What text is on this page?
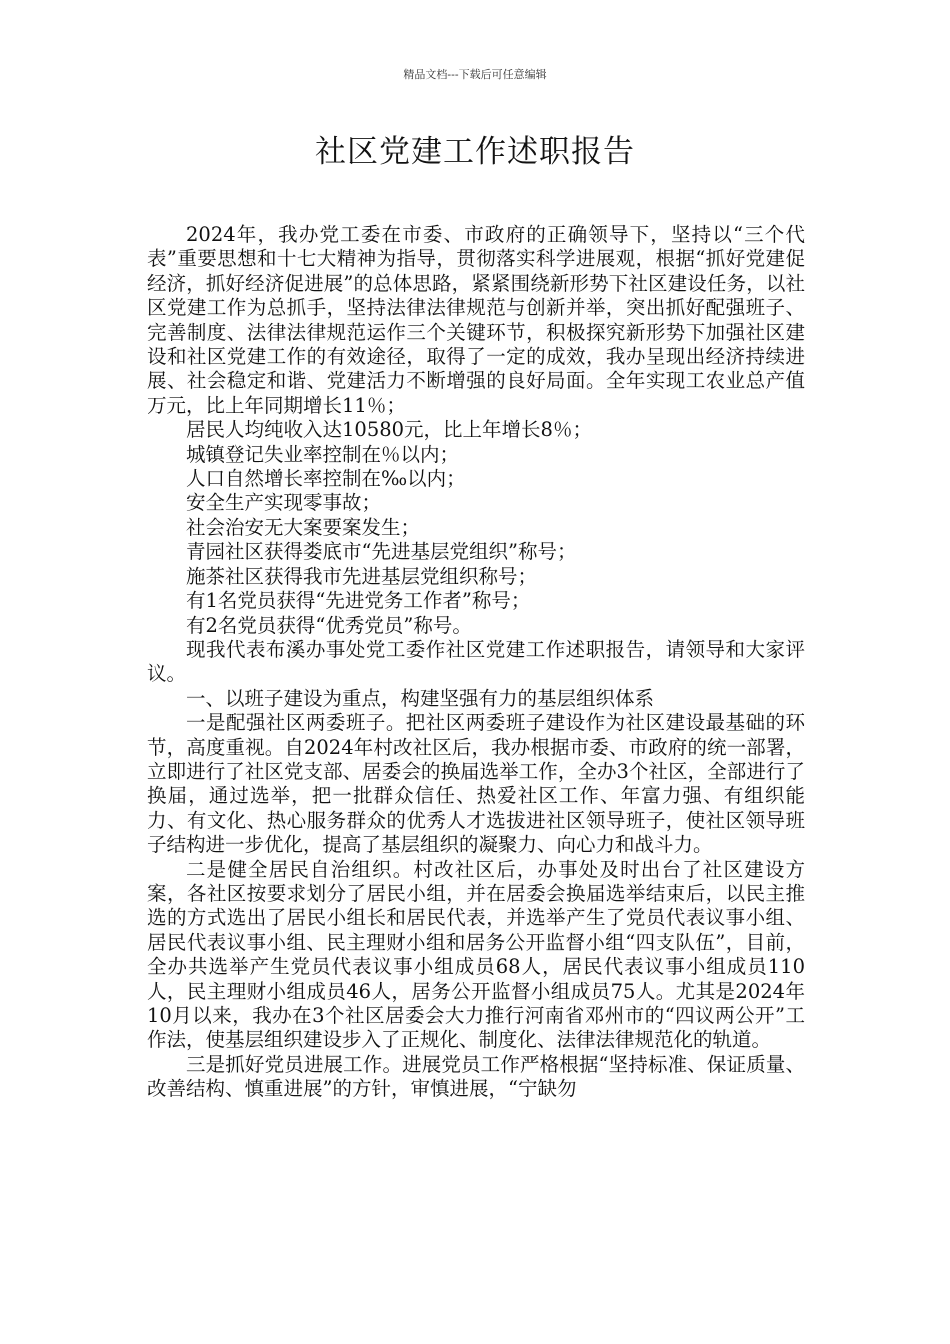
精品文档---下载后可任意编辑
社区党建工作述职报告

2024年，我办党工委在市委、市政府的正确领导下，坚持以“三个代表”重要思想和十七大精神为指导，贯彻落实科学进展观，根据“抓好党建促经济，抓好经济促进展”的总体思路，紧紧围绕新形势下社区建设任务，以社区党建工作为总抓手，坚持法律法律规范与创新并举，突出抓好配强班子、完善制度、法律法律规范运作三个关键环节，积极探究新形势下加强社区建设和社区党建工作的有效途径，取得了一定的成效，我办呈现出经济持续进展、社会稳定和谐、党建活力不断增强的良好局面。全年实现工农业总产值万元，比上年同期增长11％；

居民人均纯收入达10580元，比上年增长8％；

城镇登记失业率控制在％以内；

人口自然增长率控制在‰以内；

安全生产实现零事故；

社会治安无大案要案发生；

青园社区获得娄底市“先进基层党组织”称号；

施茶社区获得我市先进基层党组织称号；

有1名党员获得“先进党务工作者”称号；

有2名党员获得“优秀党员”称号。

现我代表布溪办事处党工委作社区党建工作述职报告，请领导和大家评议。

一、以班子建设为重点，构建坚强有力的基层组织体系

一是配强社区两委班子。把社区两委班子建设作为社区建设最基础的环节，高度重视。自2024年村改社区后，我办根据市委、市政府的统一部署，立即进行了社区党支部、居委会的换届选举工作，全办3个社区，全部进行了换届，通过选举，把一批群众信任、热爱社区工作、年富力强、有组织能力、有文化、热心服务群众的优秀人才选拔进社区领导班子，使社区领导班子结构进一步优化，提高了基层组织的凝聚力、向心力和战斗力。

二是健全居民自治组织。村改社区后，办事处及时出台了社区建设方案，各社区按要求划分了居民小组，并在居委会换届选举结束后，以民主推选的方式选出了居民小组长和居民代表，并选举产生了党员代表议事小组、居民代表议事小组、民主理财小组和居务公开监督小组“四支队伍”，目前，全办共选举产生党员代表议事小组成员68人，居民代表议事小组成员110人，民主理财小组成员46人，居务公开监督小组成员75人。尤其是2024年10月以来，我办在3个社区居委会大力推行河南省邓州市的“四议两公开”工作法，使基层组织建设步入了正规化、制度化、法律法律规范化的轨道。

三是抓好党员进展工作。进展党员工作严格根据“坚持标准、保证质量、改善结构、慎重进展”的方针，审慎进展，“宁缺勿
